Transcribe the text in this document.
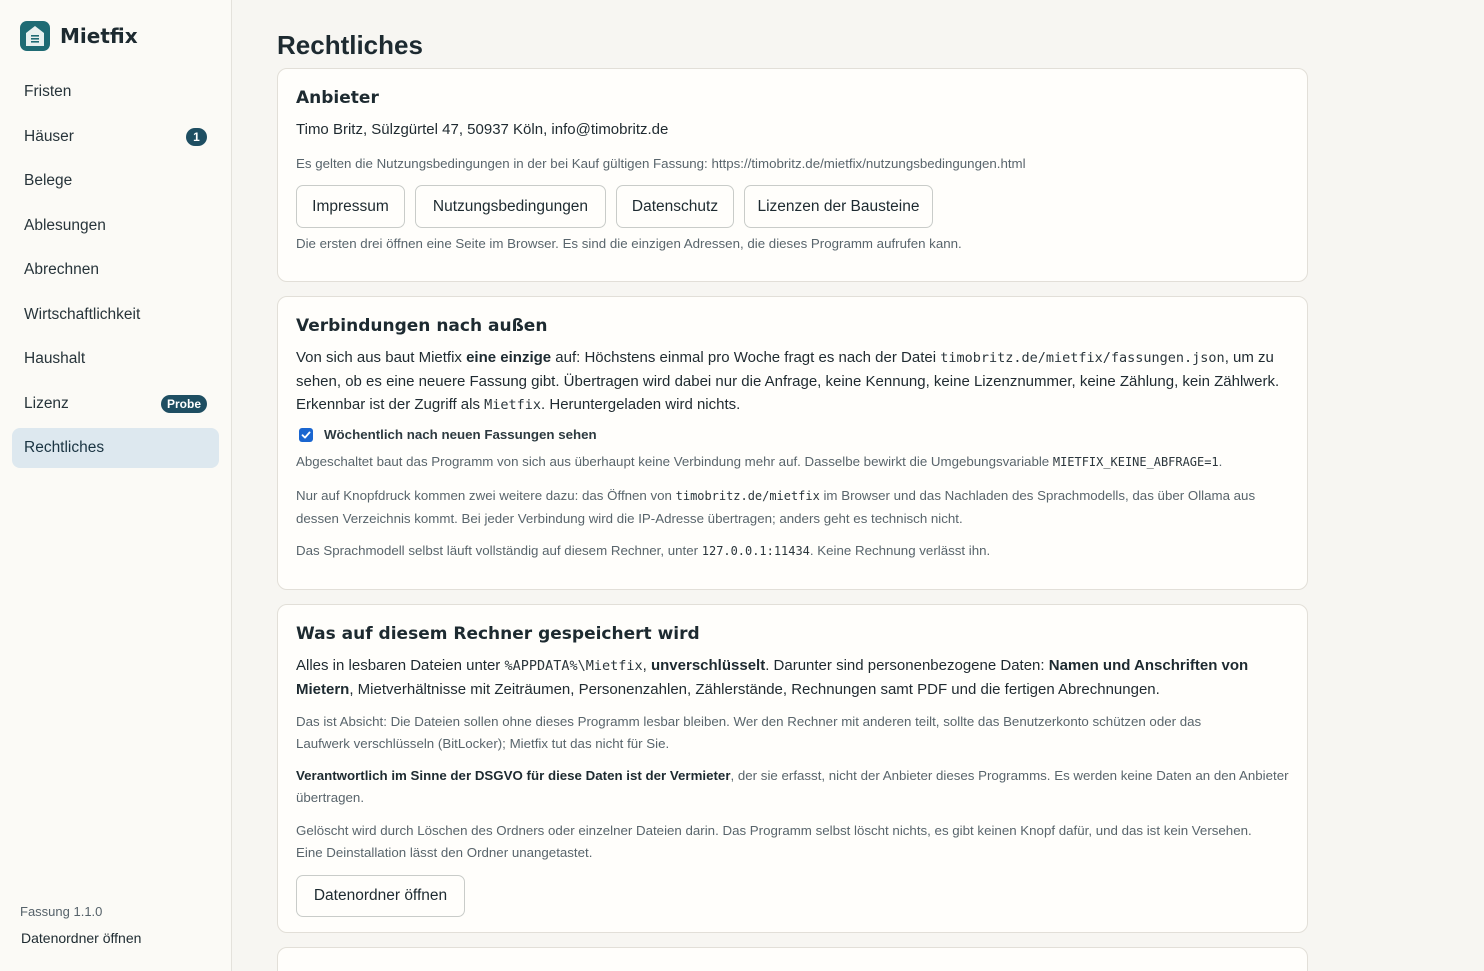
Mietfix
Fristen
Häuser	1
Belege
Ablesungen
Abrechnen
Wirtschaftlichkeit
Haushalt
Lizenz	Probe
Rechtliches
Fassung 1.1.0
Datenordner öffnen
Rechtliches
Anbieter

Timo Britz, Sülzgürtel 47, 50937 Köln, info@timobritz.de

Es gelten die Nutzungsbedingungen in der bei Kauf gültigen Fassung: https://timobritz.de/mietfix/nutzungsbedingungen.html

Impressum	Nutzungsbedingungen	Datenschutz	Lizenzen der Bausteine

Die ersten drei öffnen eine Seite im Browser. Es sind die einzigen Adressen, die dieses Programm aufrufen kann.

Verbindungen nach außen

Von sich aus baut Mietfix eine einzige auf: Höchstens einmal pro Woche fragt es nach der Datei timobritz.de/mietfix/fassungen.json, um zu sehen, ob es eine neuere Fassung gibt. Übertragen wird dabei nur die Anfrage, keine Kennung, keine Lizenznummer, keine Zählung, kein Zählwerk. Erkennbar ist der Zugriff als Mietfix. Heruntergeladen wird nichts.

Wöchentlich nach neuen Fassungen sehen

Abgeschaltet baut das Programm von sich aus überhaupt keine Verbindung mehr auf. Dasselbe bewirkt die Umgebungsvariable MIETFIX_KEINE_ABFRAGE=1.

Nur auf Knopfdruck kommen zwei weitere dazu: das Öffnen von timobritz.de/mietfix im Browser und das Nachladen des Sprachmodells, das über Ollama aus dessen Verzeichnis kommt. Bei jeder Verbindung wird die IP-Adresse übertragen; anders geht es technisch nicht.

Das Sprachmodell selbst läuft vollständig auf diesem Rechner, unter 127.0.0.1:11434. Keine Rechnung verlässt ihn.

Was auf diesem Rechner gespeichert wird

Alles in lesbaren Dateien unter %APPDATA%\Mietfix, unverschlüsselt. Darunter sind personenbezogene Daten: Namen und Anschriften von Mietern, Mietverhältnisse mit Zeiträumen, Personenzahlen, Zählerstände, Rechnungen samt PDF und die fertigen Abrechnungen.

Das ist Absicht: Die Dateien sollen ohne dieses Programm lesbar bleiben. Wer den Rechner mit anderen teilt, sollte das Benutzerkonto schützen oder das Laufwerk verschlüsseln (BitLocker); Mietfix tut das nicht für Sie.

Verantwortlich im Sinne der DSGVO für diese Daten ist der Vermieter, der sie erfasst, nicht der Anbieter dieses Programms. Es werden keine Daten an den Anbieter übertragen.

Gelöscht wird durch Löschen des Ordners oder einzelner Dateien darin. Das Programm selbst löscht nichts, es gibt keinen Knopf dafür, und das ist kein Versehen. Eine Deinstallation lässt den Ordner unangetastet.

Datenordner öffnen
